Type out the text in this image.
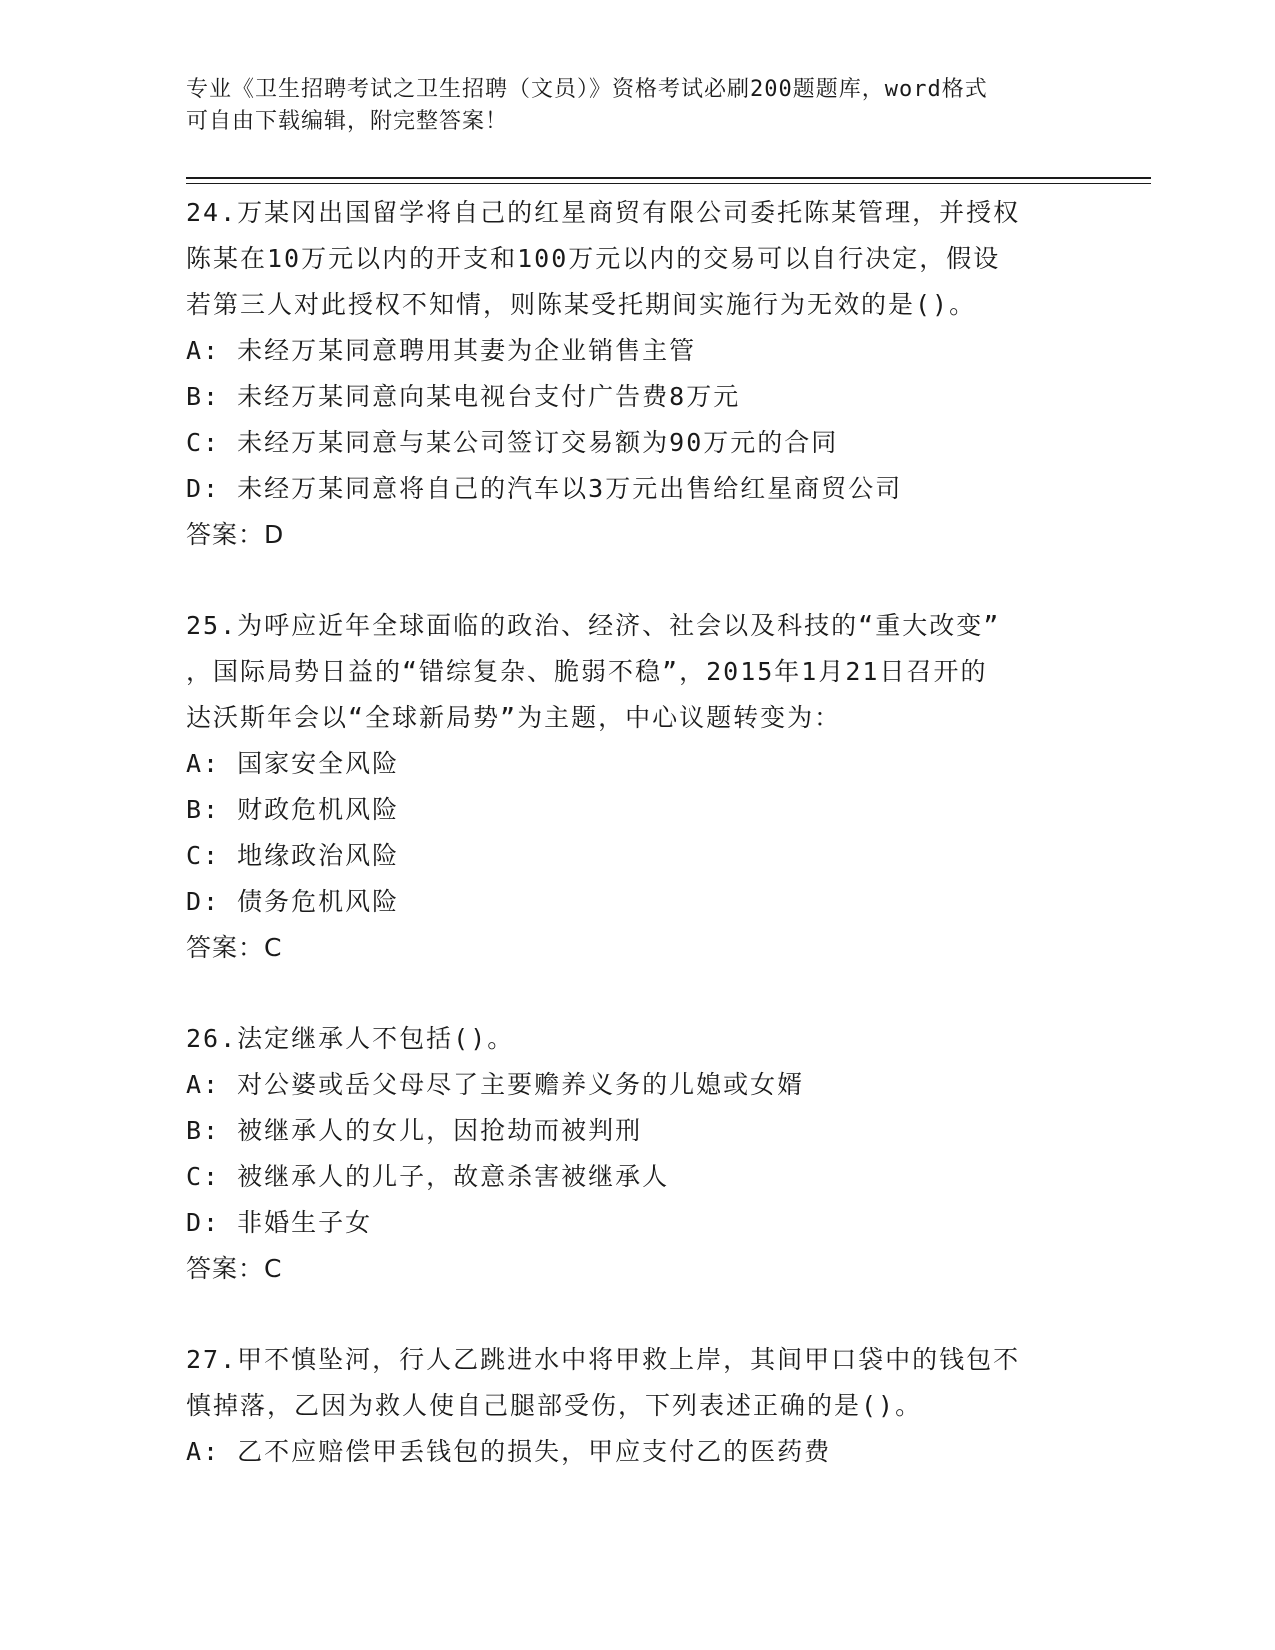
专业《卫生招聘考试之卫生招聘（文员）》资格考试必刷200题题库，word格式
可自由下载编辑，附完整答案！
24.万某冈出国留学将自己的红星商贸有限公司委托陈某管理，并授权
陈某在10万元以内的开支和100万元以内的交易可以自行决定，假设
若第三人对此授权不知情，则陈某受托期间实施行为无效的是()。
A: 未经万某同意聘用其妻为企业销售主管
B: 未经万某同意向某电视台支付广告费8万元
C: 未经万某同意与某公司签订交易额为90万元的合同
D: 未经万某同意将自己的汽车以3万元出售给红星商贸公司
答案：D
25.为呼应近年全球面临的政治、经济、社会以及科技的“重大改变”
，国际局势日益的“错综复杂、脆弱不稳”，2015年1月21日召开的
达沃斯年会以“全球新局势”为主题，中心议题转变为：
A: 国家安全风险
B: 财政危机风险
C: 地缘政治风险
D: 债务危机风险
答案：C
26.法定继承人不包括()。
A: 对公婆或岳父母尽了主要赡养义务的儿媳或女婿
B: 被继承人的女儿，因抢劫而被判刑
C: 被继承人的儿子，故意杀害被继承人
D: 非婚生子女
答案：C
27.甲不慎坠河，行人乙跳进水中将甲救上岸，其间甲口袋中的钱包不
慎掉落，乙因为救人使自己腿部受伤，下列表述正确的是()。
A: 乙不应赔偿甲丢钱包的损失，甲应支付乙的医药费
